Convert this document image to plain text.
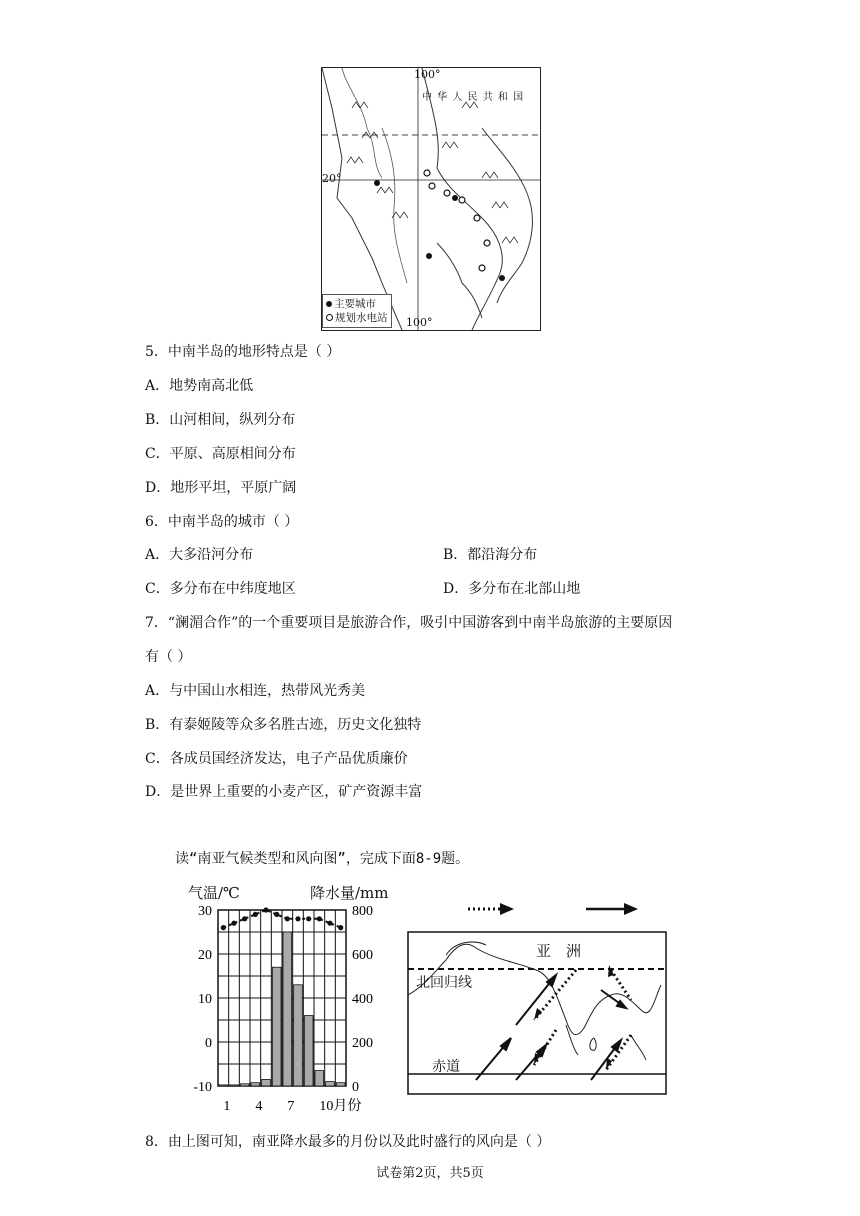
100°
20°
中 华 人 民 共 和 国
主要城市
规划水电站 100°
5．中南半岛的地形特点是（ ）
A．地势南高北低
B．山河相间，纵列分布
C．平原、高原相间分布
D．地形平坦，平原广阔
6．中南半岛的城市（ ）
A．大多沿河分布	B．都沿海分布
C．多分布在中纬度地区	D．多分布在北部山地
7．“澜湄合作”的一个重要项目是旅游合作，吸引中国游客到中南半岛旅游的主要原因
有（ ）
A．与中国山水相连，热带风光秀美
B．有泰姬陵等众多名胜古迹，历史文化独特
C．各成员国经济发达，电子产品优质廉价
D．是世界上重要的小麦产区，矿产资源丰富
读“南亚气候类型和风向图”，完成下面8-9题。
气温/℃	降水量/mm
30
20
10
0
-10
800
600
400
200
0
1 4 7 10月份
亚　洲
北回归线
赤道
8．由上图可知，南亚降水最多的月份以及此时盛行的风向是（ ）
试卷第2页，共5页
